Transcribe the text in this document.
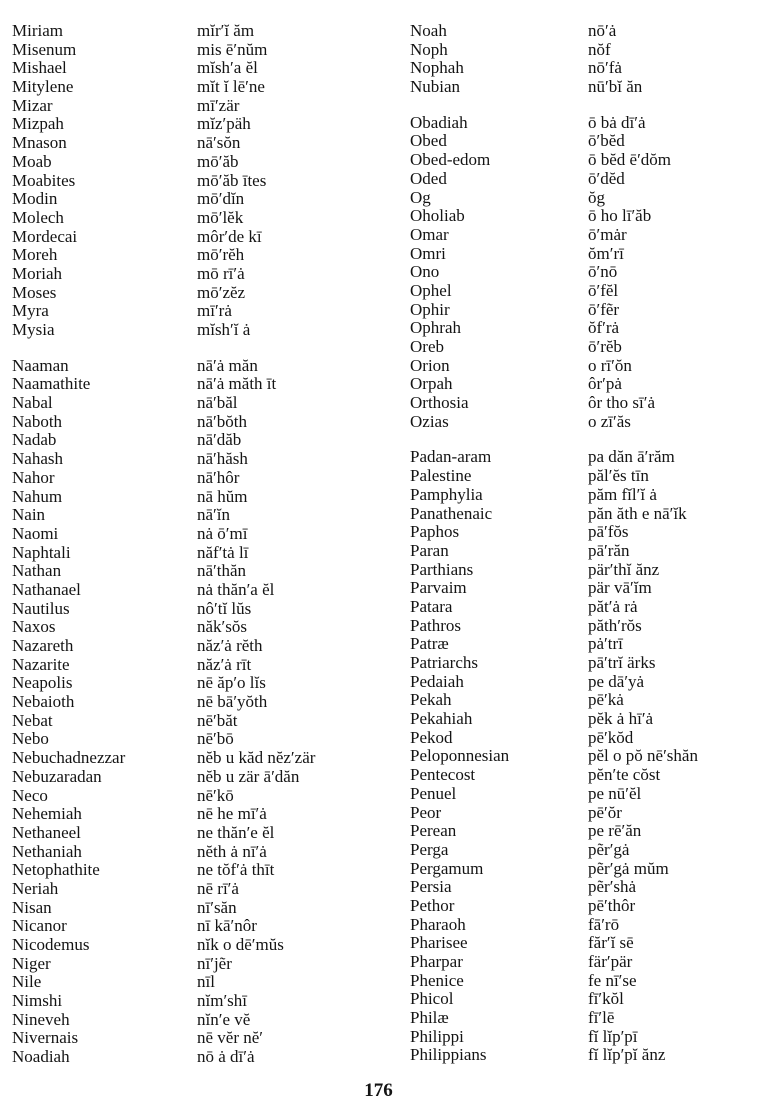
Miriam	mĭr′ĭ ăm
Misenum	mis ē′nŭm
Mishael	mĭsh′a ĕl
Mitylene	mĭt ĭ lē′ne
Mizar	mī′zär
Mizpah	mĭz′päh
Mnason	nā′sŏn
Moab	mō′ăb
Moabites	mō′ăb ītes
Modin	mō′dĭn
Molech	mō′lĕk
Mordecai	môr′de kī
Moreh	mō′rĕh
Moriah	mō rī′ȧ
Moses	mō′zĕz
Myra	mī′rȧ
Mysia	mĭsh′ĭ ȧ
Naaman	nā′ȧ măn
Naamathite	nā′ȧ măth īt
Nabal	nā′băl
Naboth	nā′bŏth
Nadab	nā′dăb
Nahash	nā′hăsh
Nahor	nā′hôr
Nahum	nā hŭm
Nain	nā′ĭn
Naomi	nȧ ō′mī
Naphtali	năf′tȧ lī
Nathan	nā′thăn
Nathanael	nȧ thăn′a ĕl
Nautilus	nô′tĭ lŭs
Naxos	năk′sŏs
Nazareth	năz′ȧ rĕth
Nazarite	năz′ȧ rīt
Neapolis	nē ăp′o lĭs
Nebaioth	nē bā′yŏth
Nebat	nē′băt
Nebo	nē′bō
Nebuchadnezzar	nĕb u kăd nĕz′zär
Nebuzaradan	nĕb u zär ā′dăn
Neco	nē′kō
Nehemiah	nē he mī′ȧ
Nethaneel	ne thăn′e ĕl
Nethaniah	nĕth ȧ nī′ȧ
Netophathite	ne tŏf′ȧ thīt
Neriah	nē rī′ȧ
Nisan	nī′săn
Nicanor	nī kā′nôr
Nicodemus	nĭk o dē′mŭs
Niger	nī′jẽr
Nile	nīl
Nimshi	nĭm′shī
Nineveh	nĭn′e vĕ
Nivernais	nē vĕr nĕ′
Noadiah	nō ȧ dī′ȧ
Noah	nō′ȧ
Noph	nŏf
Nophah	nō′fȧ
Nubian	nū′bĭ ăn
Obadiah	ō bȧ dī′ȧ
Obed	ō′bĕd
Obed-edom	ō bĕd ē′dŏm
Oded	ō′dĕd
Og	ŏg
Oholiab	ō ho lī′ăb
Omar	ō′mȧr
Omri	ŏm′rī
Ono	ō′nō
Ophel	ō′fĕl
Ophir	ō′fẽr
Ophrah	ŏf′rȧ
Oreb	ō′rĕb
Orion	o rī′ŏn
Orpah	ôr′pȧ
Orthosia	ôr tho sī′ȧ
Ozias	o zī′ăs
Padan-aram	pa dăn ā′răm
Palestine	păl′ĕs tīn
Pamphylia	păm fĭl′ĭ ȧ
Panathenaic	păn ăth e nā′ĭk
Paphos	pā′fŏs
Paran	pā′răn
Parthians	pär′thĭ ănz
Parvaim	pär vā′ĭm
Patara	păt′ȧ rȧ
Pathros	păth′rŏs
Patræ	pȧ′trī
Patriarchs	pā′trĭ ärks
Pedaiah	pe dā′yȧ
Pekah	pē′kȧ
Pekahiah	pĕk ȧ hī′ȧ
Pekod	pē′kŏd
Peloponnesian	pĕl o pŏ nē′shăn
Pentecost	pĕn′te cŏst
Penuel	pe nū′ĕl
Peor	pē′ŏr
Perean	pe rē′ăn
Perga	pẽr′gȧ
Pergamum	pẽr′gȧ mŭm
Persia	pẽr′shȧ
Pethor	pē′thôr
Pharaoh	fā′rō
Pharisee	făr′ĭ sē
Pharpar	fär′pär
Phenice	fe nī′se
Phicol	fī′kŏl
Philæ	fī′lē
Philippi	fĭ lĭp′pī
Philippians	fĭ lĭp′pĭ ănz
176
